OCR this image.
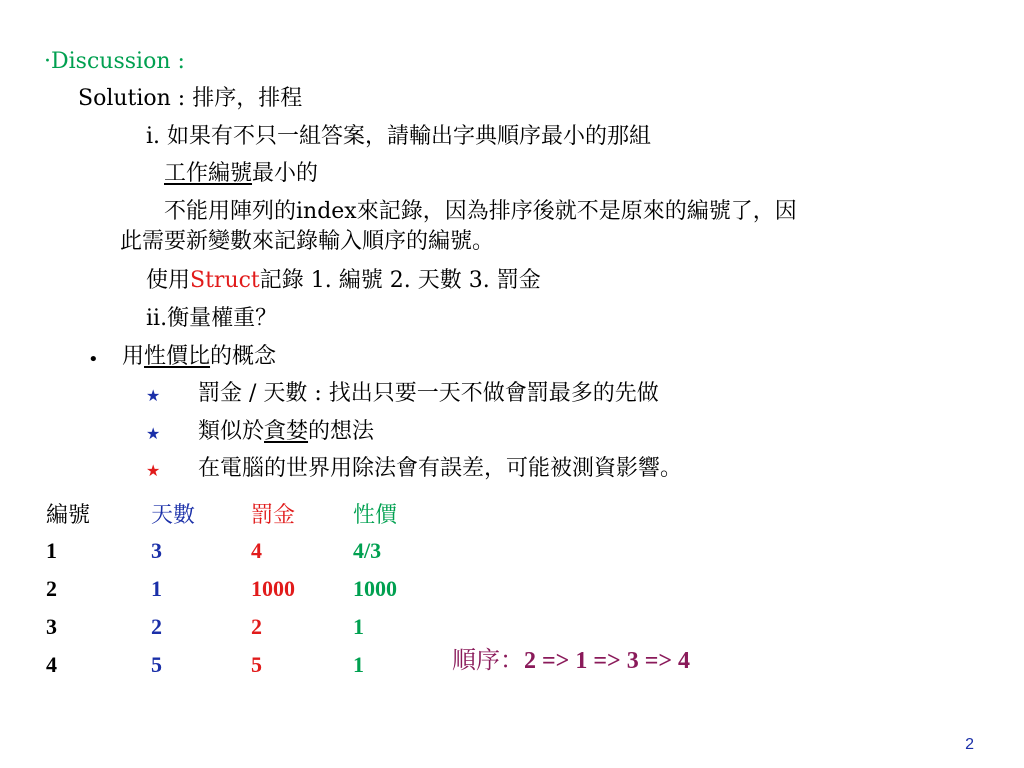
·Discussion :
Solution : 排序，排程
i. 如果有不只一組答案，請輸出字典順序最小的那組
工作編號最小的
不能用陣列的index來記錄，因為排序後就不是原來的編號了，因
此需要新變數來記錄輸入順序的編號。
使用Struct記錄 1. 編號 2. 天數 3. 罰金
ii.衡量權重？
• 用性價比的概念
★ 罰金 / 天數 : 找出只要一天不做會罰最多的先做
★ 類似於貪婪的想法
★ 在電腦的世界用除法會有誤差，可能被測資影響。
編號	天數	罰金	性價
1	3	4	4/3
2	1	1000	1000
3	2	2	1
4	5	5	1	順序：2 => 1 => 3 => 4
2
